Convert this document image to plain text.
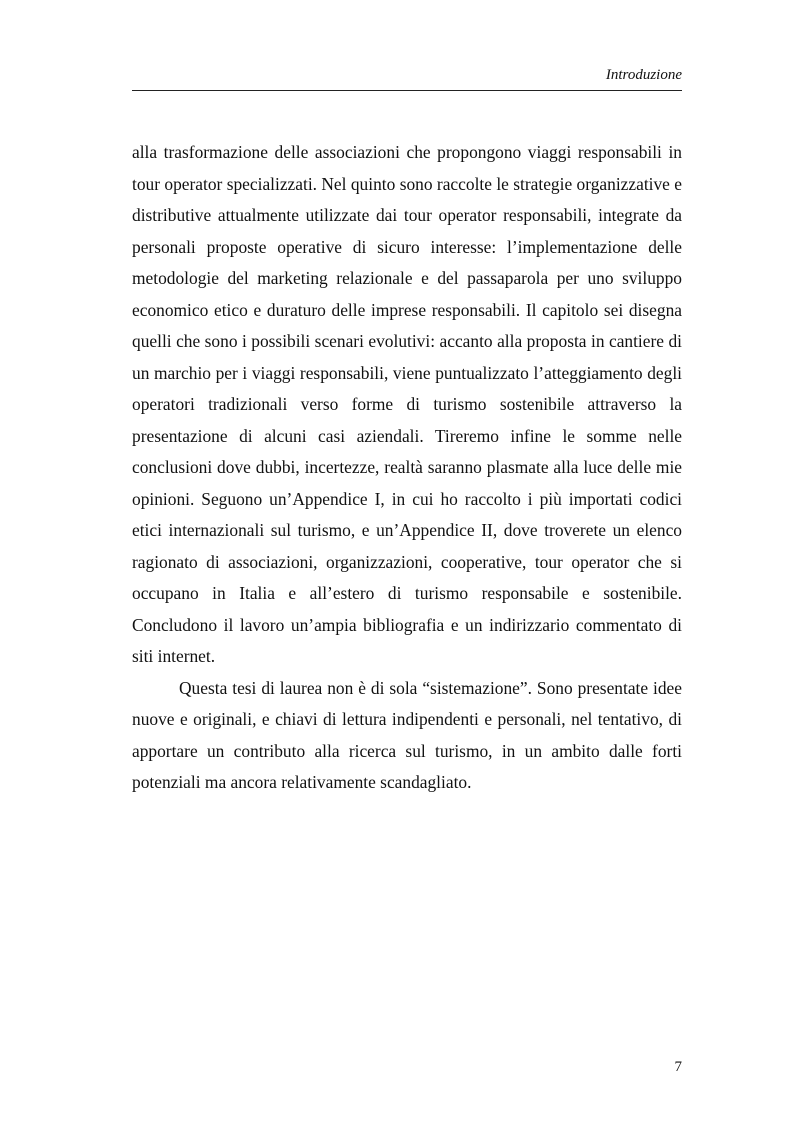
Introduzione

alla trasformazione delle associazioni che propongono viaggi responsabili in tour operator specializzati. Nel quinto sono raccolte le strategie organizzative e distributive attualmente utilizzate dai tour operator responsabili, integrate da personali proposte operative di sicuro interesse: l’implementazione delle metodologie del marketing relazionale e del passaparola per uno sviluppo economico etico e duraturo delle imprese responsabili. Il capitolo sei disegna quelli che sono i possibili scenari evolutivi: accanto alla proposta in cantiere di un marchio per i viaggi responsabili, viene puntualizzato l’atteggiamento degli operatori tradizionali verso forme di turismo sostenibile attraverso la presentazione di alcuni casi aziendali. Tireremo infine le somme nelle conclusioni dove dubbi, incertezze, realtà saranno plasmate alla luce delle mie opinioni. Seguono un’Appendice I, in cui ho raccolto i più importati codici etici internazionali sul turismo, e un’Appendice II, dove troverete un elenco ragionato di associazioni, organizzazioni, cooperative, tour operator che si occupano in Italia e all’estero di turismo responsabile e sostenibile. Concludono il lavoro un’ampia bibliografia e un indirizzario commentato di siti internet.

Questa tesi di laurea non è di sola “sistemazione”. Sono presentate idee nuove e originali, e chiavi di lettura indipendenti e personali, nel tentativo, di apportare un contributo alla ricerca sul turismo, in un ambito dalle forti potenziali ma ancora relativamente scandagliato.

7
